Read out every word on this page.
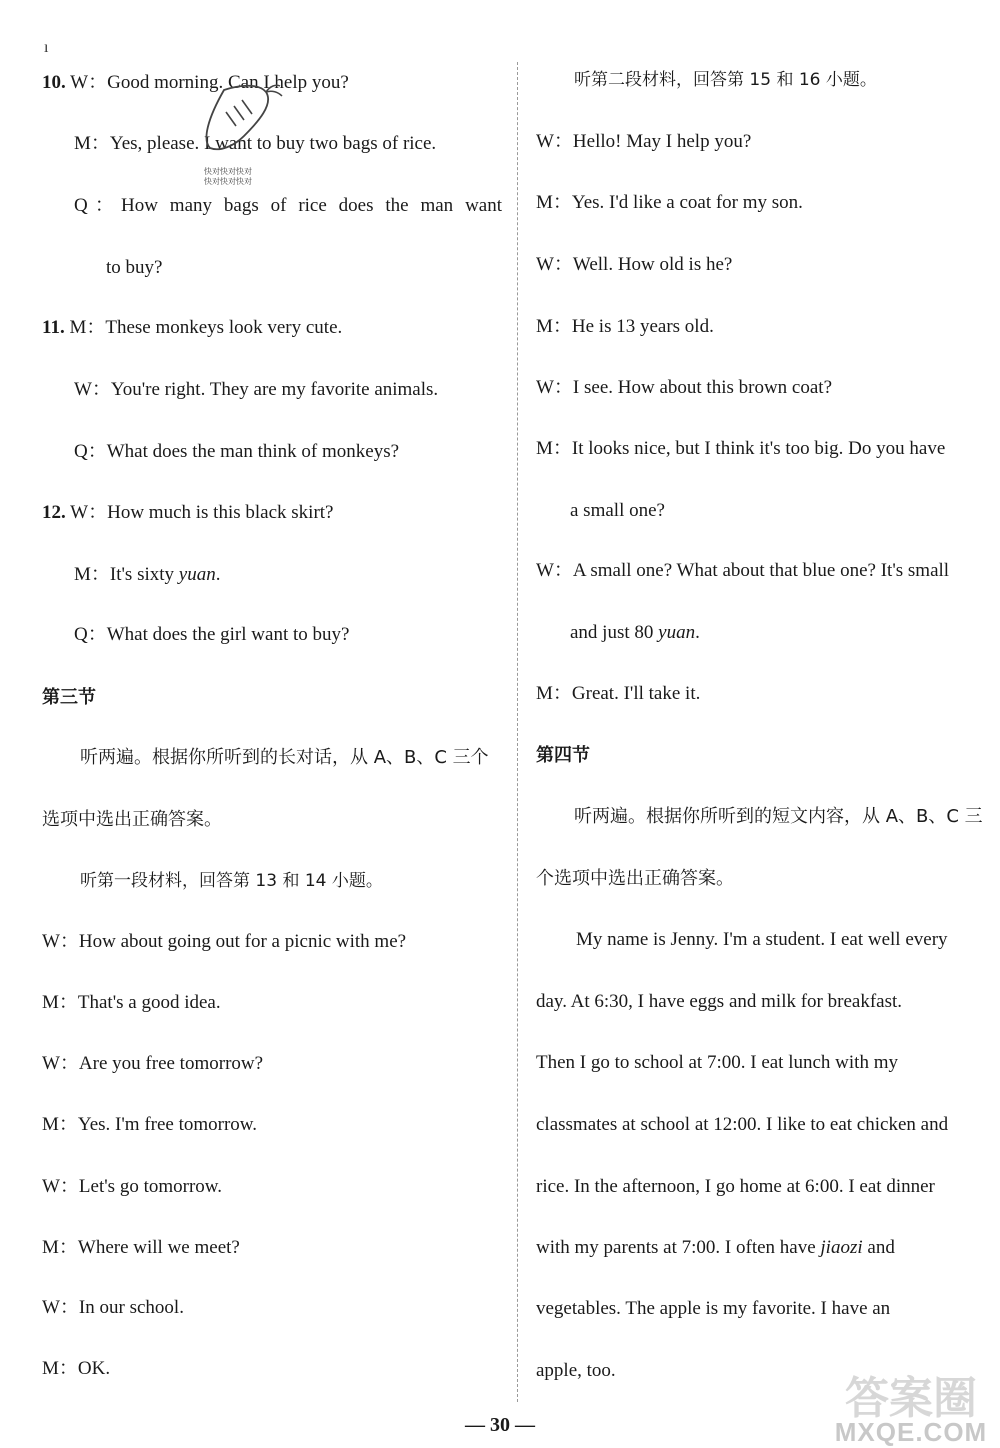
ı
10. W：Good morning. Can I help you?
M：Yes, please. I want to buy two bags of rice.
Q：How many bags of rice does the man want
to buy?
11. M：These monkeys look very cute.
W：You're right. They are my favorite animals.
Q：What does the man think of monkeys?
12. W：How much is this black skirt?
M：It's sixty yuan.
Q：What does the girl want to buy?
第三节
听两遍。根据你所听到的长对话，从 A、B、C 三个
选项中选出正确答案。
听第一段材料，回答第 13 和 14 小题。
W：How about going out for a picnic with me?
M：That's a good idea.
W：Are you free tomorrow?
M：Yes. I'm free tomorrow.
W：Let's go tomorrow.
M：Where will we meet?
W：In our school.
M：OK.
快对快对快对
快对快对快对
听第二段材料，回答第 15 和 16 小题。
W：Hello! May I help you?
M：Yes. I'd like a coat for my son.
W：Well. How old is he?
M：He is 13 years old.
W：I see. How about this brown coat?
M：It looks nice, but I think it's too big. Do you have
a small one?
W：A small one? What about that blue one? It's small
and just 80 yuan.
M：Great. I'll take it.
第四节
听两遍。根据你所听到的短文内容，从 A、B、C 三
个选项中选出正确答案。
My name is Jenny. I'm a student. I eat well every
day. At 6:30, I have eggs and milk for breakfast.
Then I go to school at 7:00. I eat lunch with my
classmates at school at 12:00. I like to eat chicken and
rice. In the afternoon, I go home at 6:00. I eat dinner
with my parents at 7:00. I often have jiaozi and
vegetables. The apple is my favorite. I have an
apple, too.
— 30 —
答案圈
MXQE.COM
